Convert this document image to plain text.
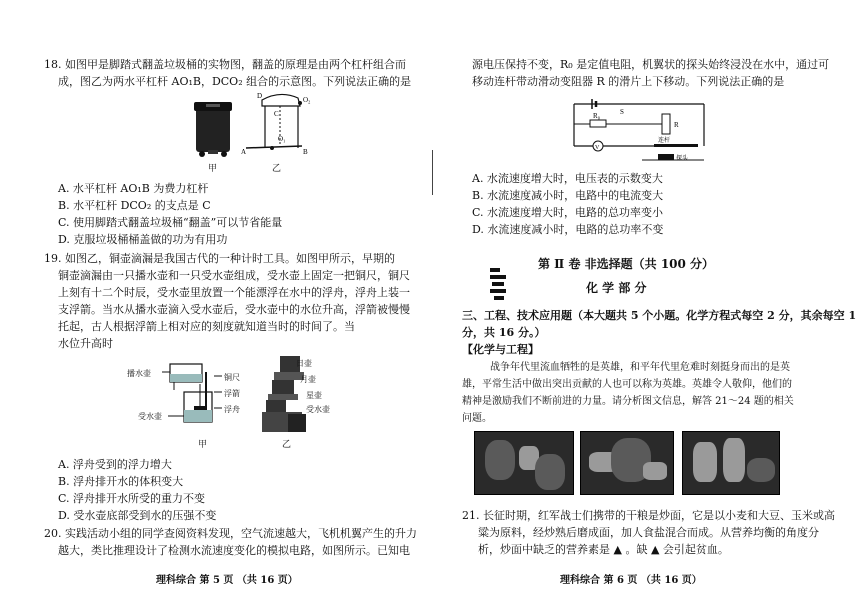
18. 如图甲是脚踏式翻盖垃圾桶的实物图，翻盖的原理是由两个杠杆组合而
成，图乙为两水平杠杆 AO₁B，DCO₂ 组合的示意图。下列说法正确的是
甲
O₂
O₁
A	B
C
D
乙
A. 水平杠杆 AO₁B 为费力杠杆
B. 水平杠杆 DCO₂ 的支点是 C
C. 使用脚踏式翻盖垃圾桶“翻盖”可以节省能量
D. 克服垃圾桶桶盖做的功为有用功
19. 如图乙，铜壶滴漏是我国古代的一种计时工具。如图甲所示，早期的
铜壶滴漏由一只播水壶和一只受水壶组成，受水壶上固定一把铜尺，铜尺
上刻有十二个时辰，受水壶里放置一个能漂浮在水中的浮舟，浮舟上装一
支浮箭。当水从播水壶滴入受水壶后，受水壶中的水位升高，浮箭被慢慢
托起，古人根据浮箭上相对应的刻度就知道当时的时间了。当
水位升高时
播水壶	铜尺
浮箭
受水壶
浮舟
甲
日壶
月壶
星壶
受水壶
乙
A. 浮舟受到的浮力增大
B. 浮舟排开水的体积变大
C. 浮舟排开水所受的重力不变
D. 受水壶底部受到水的压强不变
20. 实践活动小组的同学查阅资料发现，空气流速越大，飞机机翼产生的升力
越大，类比推理设计了检测水流速度变化的模拟电路，如图所示。已知电
理科综合 第 5 页 （共 16 页）
源电压保持不变，R₀ 是定值电阻，机翼状的探头始终浸没在水中，通过可
移动连杆带动滑动变阻器 R 的滑片上下移动。下列说法正确的是
S
R
R₀
V
连杆
探头
A. 水流速度增大时，电压表的示数变大
B. 水流速度减小时，电路中的电流变大
C. 水流速度增大时，电路的总功率变小
D. 水流速度减小时，电路的总功率不变
第 Ⅱ 卷 非选择题（共 100 分）
化 学 部 分
三、工程、技术应用题（本大题共 5 个小题。化学方程式每空 2 分，其余每空 1
分，共 16 分。）
【化学与工程】
战争年代里流血牺牲的是英雄，和平年代里危难时刻挺身而出的是英
雄，平常生活中做出突出贡献的人也可以称为英雄。英雄令人敬仰，他们的
精神是激励我们不断前进的力量。请分析图文信息，解答 21～24 题的相关
问题。
21. 长征时期，红军战士们携带的干粮是炒面，它是以小麦和大豆、玉米或高
粱为原料，经炒熟后磨成面，加人食盐混合而成。从营养均衡的角度分
析，炒面中缺乏的营养素是 ▲ 。缺 ▲ 会引起贫血。
理科综合 第 6 页 （共 16 页）
